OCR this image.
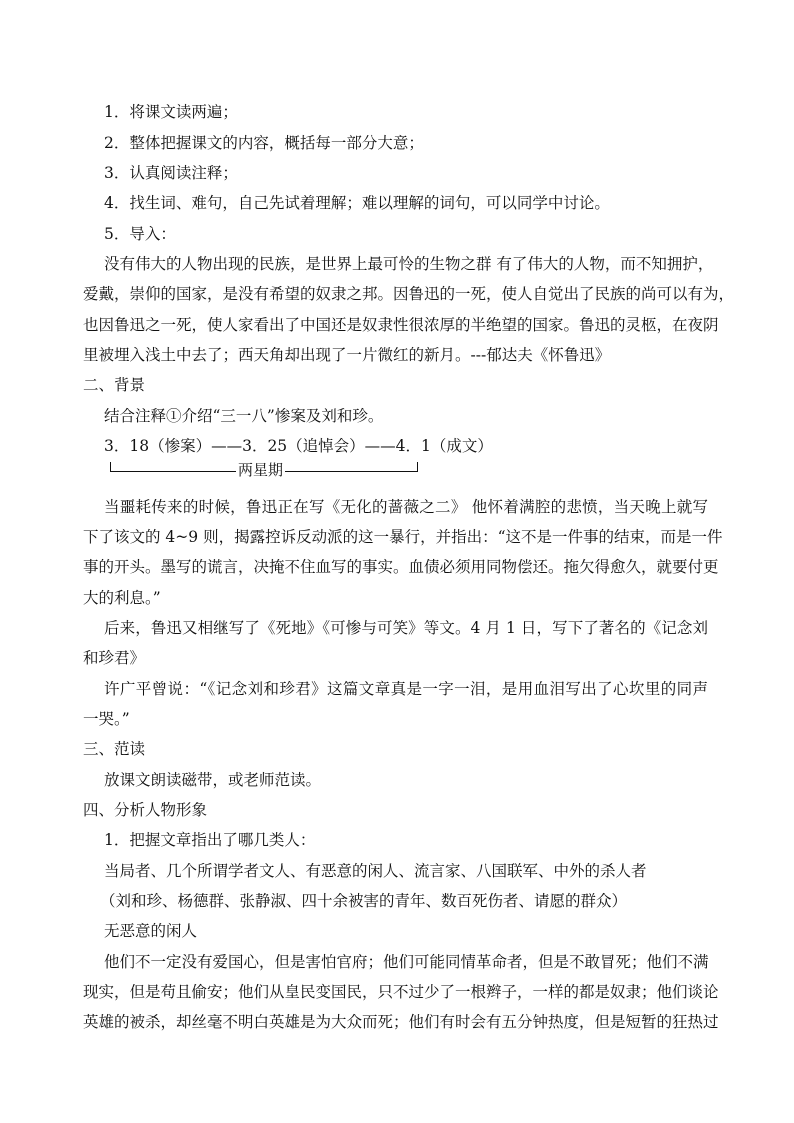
1．将课文读两遍；
2．整体把握课文的内容，概括每一部分大意；
3．认真阅读注释；
4．找生词、难句，自己先试着理解；难以理解的词句，可以同学中讨论。
5．导入：
没有伟大的人物出现的民族，是世界上最可怜的生物之群 有了伟大的人物，而不知拥护，
爱戴，崇仰的国家，是没有希望的奴隶之邦。因鲁迅的一死，使人自觉出了民族的尚可以有为，
也因鲁迅之一死，使人家看出了中国还是奴隶性很浓厚的半绝望的国家。鲁迅的灵柩，在夜阴
里被埋入浅土中去了；西天角却出现了一片微红的新月。---郁达夫《怀鲁迅》
二、背景
结合注释①介绍“三一八”惨案及刘和珍。
3．18（惨案）——3．25（追悼会）——4．1（成文）
两星期
当噩耗传来的时候，鲁迅正在写《无化的蔷薇之二》 他怀着满腔的悲愤，当天晚上就写
下了该文的 4~9 则，揭露控诉反动派的这一暴行，并指出：“这不是一件事的结束，而是一件
事的开头。墨写的谎言，决掩不住血写的事实。血债必须用同物偿还。拖欠得愈久，就要付更
大的利息。”
后来，鲁迅又相继写了《死地》《可惨与可笑》等文。4 月 1 日，写下了著名的《记念刘
和珍君》
许广平曾说：“《记念刘和珍君》这篇文章真是一字一泪，是用血泪写出了心坎里的同声
一哭。”
三、范读
放课文朗读磁带，或老师范读。
四、分析人物形象
1．把握文章指出了哪几类人：
当局者、几个所谓学者文人、有恶意的闲人、流言家、八国联军、中外的杀人者
（刘和珍、杨德群、张静淑、四十余被害的青年、数百死伤者、请愿的群众）
无恶意的闲人
他们不一定没有爱国心，但是害怕官府；他们可能同情革命者，但是不敢冒死；他们不满
现实，但是苟且偷安；他们从皇民变国民，只不过少了一根辫子，一样的都是奴隶；他们谈论
英雄的被杀，却丝毫不明白英雄是为大众而死；他们有时会有五分钟热度，但是短暂的狂热过
